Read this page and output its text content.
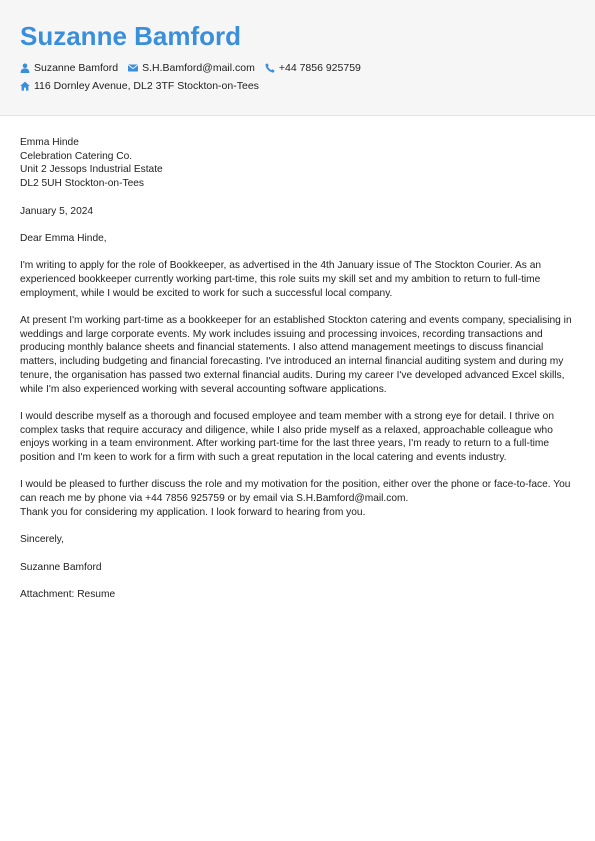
Suzanne Bamford
Suzanne Bamford S.H.Bamford@mail.com +44 7856 925759
116 Dornley Avenue, DL2 3TF Stockton-on-Tees

Emma Hinde
Celebration Catering Co.
Unit 2 Jessops Industrial Estate
DL2 5UH Stockton-on-Tees

January 5, 2024

Dear Emma Hinde,

I'm writing to apply for the role of Bookkeeper, as advertised in the 4th January issue of The Stockton Courier. As an experienced bookkeeper currently working part-time, this role suits my skill set and my ambition to return to full-time employment, while I would be excited to work for such a successful local company.

At present I'm working part-time as a bookkeeper for an established Stockton catering and events company, specialising in weddings and large corporate events. My work includes issuing and processing invoices, recording transactions and producing monthly balance sheets and financial statements. I also attend management meetings to discuss financial matters, including budgeting and financial forecasting. I've introduced an internal financial auditing system and during my tenure, the organisation has passed two external financial audits. During my career I've developed advanced Excel skills, while I'm also experienced working with several accounting software applications.

I would describe myself as a thorough and focused employee and team member with a strong eye for detail. I thrive on complex tasks that require accuracy and diligence, while I also pride myself as a relaxed, approachable colleague who enjoys working in a team environment. After working part-time for the last three years, I'm ready to return to a full-time position and I'm keen to work for a firm with such a great reputation in the local catering and events industry.

I would be pleased to further discuss the role and my motivation for the position, either over the phone or face-to-face. You can reach me by phone via +44 7856 925759 or by email via S.H.Bamford@mail.com.

Thank you for considering my application. I look forward to hearing from you.

Sincerely,

Suzanne Bamford

Attachment: Resume
